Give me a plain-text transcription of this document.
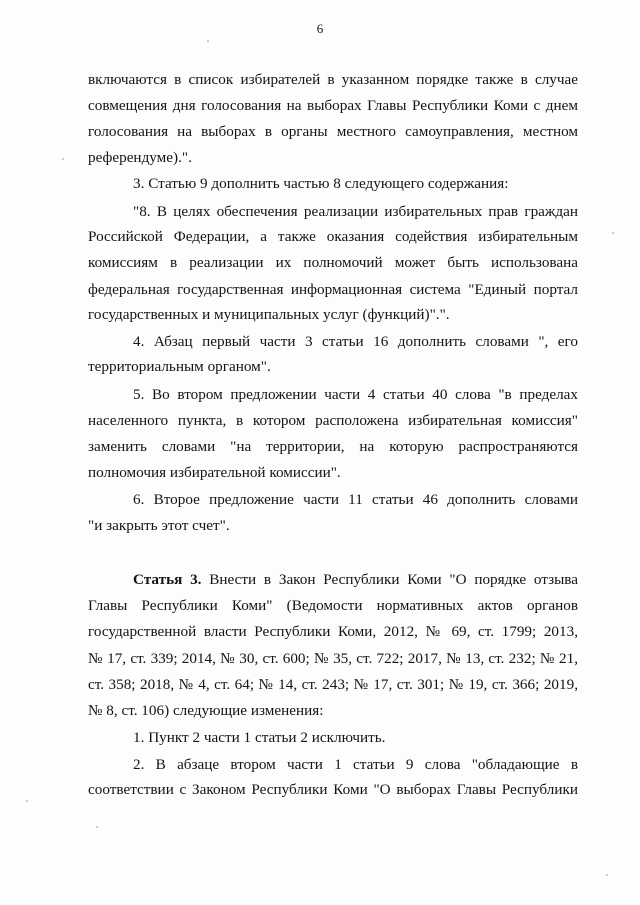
6
включаются в список избирателей в указанном порядке также в случае
совмещения дня голосования на выборах Главы Республики Коми с днем
голосования на выборах в органы местного самоуправления, местном
референдуме).".
3. Статью 9 дополнить частью 8 следующего содержания:
"8. В целях обеспечения реализации избирательных прав граждан
Российской Федерации, а также оказания содействия избирательным
комиссиям в реализации их полномочий может быть использована
федеральная государственная информационная система "Единый портал
государственных и муниципальных услуг (функций)".".
4. Абзац первый части 3 статьи 16 дополнить словами ", его
территориальным органом".
5. Во втором предложении части 4 статьи 40 слова "в пределах
населенного пункта, в котором расположена избирательная комиссия"
заменить словами "на территории, на которую распространяются
полномочия избирательной комиссии".
6. Второе предложение части 11 статьи 46 дополнить словами
"и закрыть этот счет".
Статья 3. Внести в Закон Республики Коми "О порядке отзыва
Главы Республики Коми" (Ведомости нормативных актов органов
государственной власти Республики Коми, 2012, № 69, ст. 1799; 2013,
№ 17, ст. 339; 2014, № 30, ст. 600; № 35, ст. 722; 2017, № 13, ст. 232; № 21,
ст. 358; 2018, № 4, ст. 64; № 14, ст. 243; № 17, ст. 301; № 19, ст. 366; 2019,
№ 8, ст. 106) следующие изменения:
1. Пункт 2 части 1 статьи 2 исключить.
2. В абзаце втором части 1 статьи 9 слова "обладающие в
соответствии с Законом Республики Коми "О выборах Главы Республики
